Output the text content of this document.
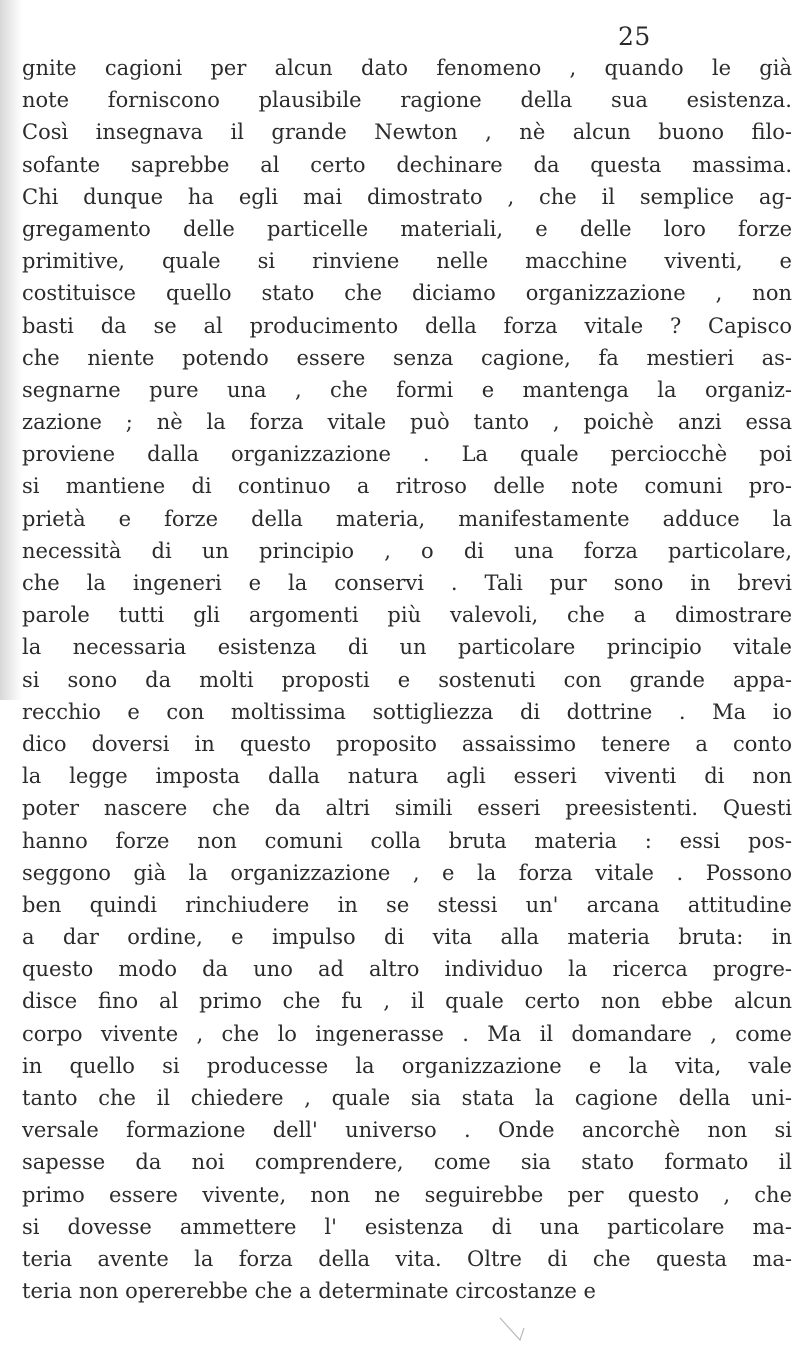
25
gnite cagioni per alcun dato fenomeno , quando le già
note forniscono plausibile ragione della sua esistenza.
Così insegnava il grande Newton , nè alcun buono filo-
sofante saprebbe al certo dechinare da questa massima.
Chi dunque ha egli mai dimostrato , che il semplice ag-
gregamento delle particelle materiali, e delle loro forze
primitive, quale si rinviene nelle macchine viventi, e
costituisce quello stato che diciamo organizzazione , non
basti da se al producimento della forza vitale ? Capisco
che niente potendo essere senza cagione, fa mestieri as-
segnarne pure una , che formi e mantenga la organiz-
zazione ; nè la forza vitale può tanto , poichè anzi essa
proviene dalla organizzazione . La quale perciocchè poi
si mantiene di continuo a ritroso delle note comuni pro-
prietà e forze della materia, manifestamente adduce la
necessità di un principio , o di una forza particolare,
che la ingeneri e la conservi . Tali pur sono in brevi
parole tutti gli argomenti più valevoli, che a dimostrare
la necessaria esistenza di un particolare principio vitale
si sono da molti proposti e sostenuti con grande appa-
recchio e con moltissima sottigliezza di dottrine . Ma io
dico doversi in questo proposito assaissimo tenere a conto
la legge imposta dalla natura agli esseri viventi di non
poter nascere che da altri simili esseri preesistenti. Questi
hanno forze non comuni colla bruta materia : essi pos-
seggono già la organizzazione , e la forza vitale . Possono
ben quindi rinchiudere in se stessi un' arcana attitudine
a dar ordine, e impulso di vita alla materia bruta: in
questo modo da uno ad altro individuo la ricerca progre-
disce fino al primo che fu , il quale certo non ebbe alcun
corpo vivente , che lo ingenerasse . Ma il domandare , come
in quello si producesse la organizzazione e la vita, vale
tanto che il chiedere , quale sia stata la cagione della uni-
versale formazione dell' universo . Onde ancorchè non si
sapesse da noi comprendere, come sia stato formato il
primo essere vivente, non ne seguirebbe per questo , che
si dovesse ammettere l' esistenza di una particolare ma-
teria avente la forza della vita. Oltre di che questa ma-
teria non opererebbe che a determinate circostanze e
